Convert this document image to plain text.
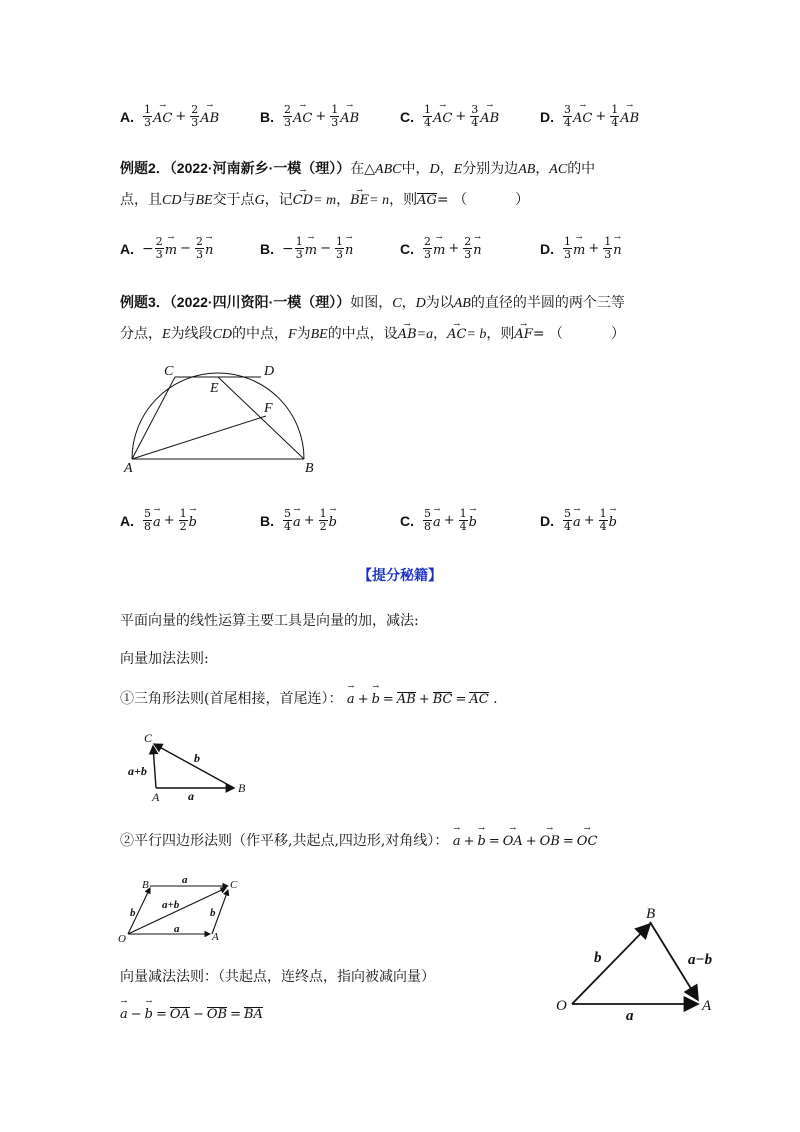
A. $\frac{1}{3}$
→ AC + $\frac{2}{3}$
→ AB	B. $\frac{2}{3}$
→ AC + $\frac{1}{3}$
→ AB	C. $\frac{1}{4}$
→ AC + $\frac{3}{4}$
→ AB	D. $\frac{3}{4}$
→ AC + $\frac{1}{4}$
→ AB
例题2．（2022·河南新乡·一模（理））在△ABC中，D，E分别为边AB，AC的中
点，且CD与BE交于点G，记→ CD= m，→ BE= n，则AG= （	）
A. − $\frac{2}{3}$
→ $m - \frac{2}{3}$
→ n	B. − $\frac{1}{3}$
→ $m - \frac{1}{3}$
→ n	C. $\frac{2}{3}$
→ $m + \frac{2}{3}$
→ n	D. $\frac{1}{3}$
→ $m + \frac{1}{3}$
→ n
例题3．（2022·四川资阳·一模（理））如图，C，D为以AB的直径的半圆的两个三等
分点，E为线段CD的中点，F为BE的中点，设→ AB=a，→ AC= b，则→ AF= （	）
C	D
E
F
A	B
A. $\frac{5}{8}$
→ $a + \frac{1}{2}$
→ b	B. $\frac{5}{4}$
→ $a + \frac{1}{2}$
→ b	C. $\frac{5}{8}$
→ $a + \frac{1}{4}$
→ b	D. $\frac{5}{4}$
→ $a + \frac{1}{4}$
→ b
【提分秘籍】
平面向量的线性运算主要工具是向量的加，减法:
向量加法法则:
①三角形法则(首尾相接，首尾连）： → a +→ b = AB + BC = AC .
C
A
B
a+b
b
a
②平行四边形法则（作平移,共起点,四边形,对角线）： → a +→ b =→ OA +→ OB =→ OC
B	C
O	A
a
a
b	b
a+b
向量减法法则：（共起点，连终点，指向被减向量）
→ a −→ b = OA − OB = BA
O	A
B
b	a−b
a
